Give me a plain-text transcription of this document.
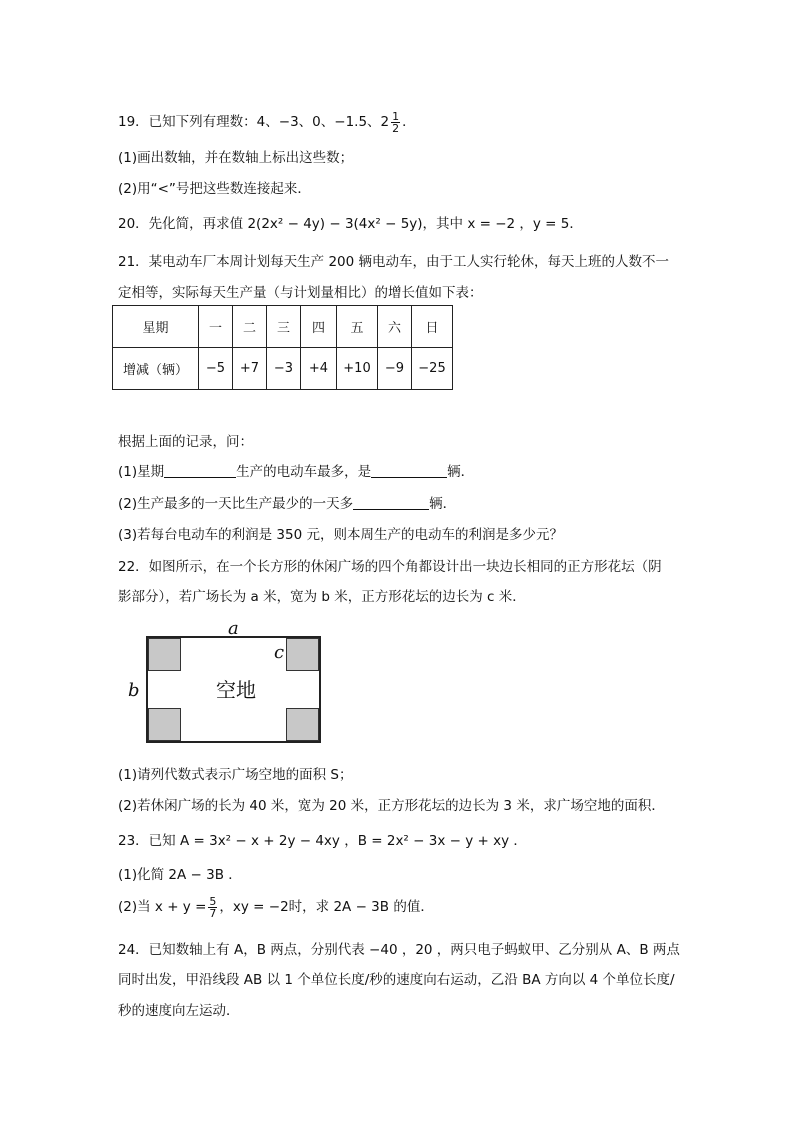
19．已知下列有理数：4、−3、0、−1.5、$2 \frac{1}{2}$ ．
(1)画出数轴，并在数轴上标出这些数；
(2)用“<”号把这些数连接起来．
20．先化简，再求值 2(2x² − 4y) − 3(4x² − 5y)，其中 x = −2 ，y = 5．
21．某电动车厂本周计划每天生产 200 辆电动车，由于工人实行轮休，每天上班的人数不一
定相等，实际每天生产量（与计划量相比）的增长值如下表：
星期	一	二	三	四	五	六	日
增减（辆）	−5	+7	−3	+4	+10	−9	−25
根据上面的记录，问：
(1)星期	生产的电动车最多，是	辆．
(2)生产最多的一天比生产最少的一天多	辆．
(3)若每台电动车的利润是 350 元，则本周生产的电动车的利润是多少元？
22．如图所示，在一个长方形的休闲广场的四个角都设计出一块边长相同的正方形花坛（阴
影部分），若广场长为 a 米，宽为 b 米，正方形花坛的边长为 c 米．
c
空地
a
b
(1)请列代数式表示广场空地的面积 S；
(2)若休闲广场的长为 40 米，宽为 20 米，正方形花坛的边长为 3 米，求广场空地的面积．
23．已知 A = 3x² − x + 2y − 4xy ，B = 2x² − 3x − y + xy ．
(1)化简 2A − 3B ．
(2)当 $x + y = \frac{5}{7}$ ，xy = −2时，求 2A − 3B 的值．
24．已知数轴上有 A，B 两点，分别代表 −40 ，20 ，两只电子蚂蚁甲、乙分别从 A、B 两点
同时出发，甲沿线段 AB 以 1 个单位长度/秒的速度向右运动，乙沿 BA 方向以 4 个单位长度/
秒的速度向左运动．
